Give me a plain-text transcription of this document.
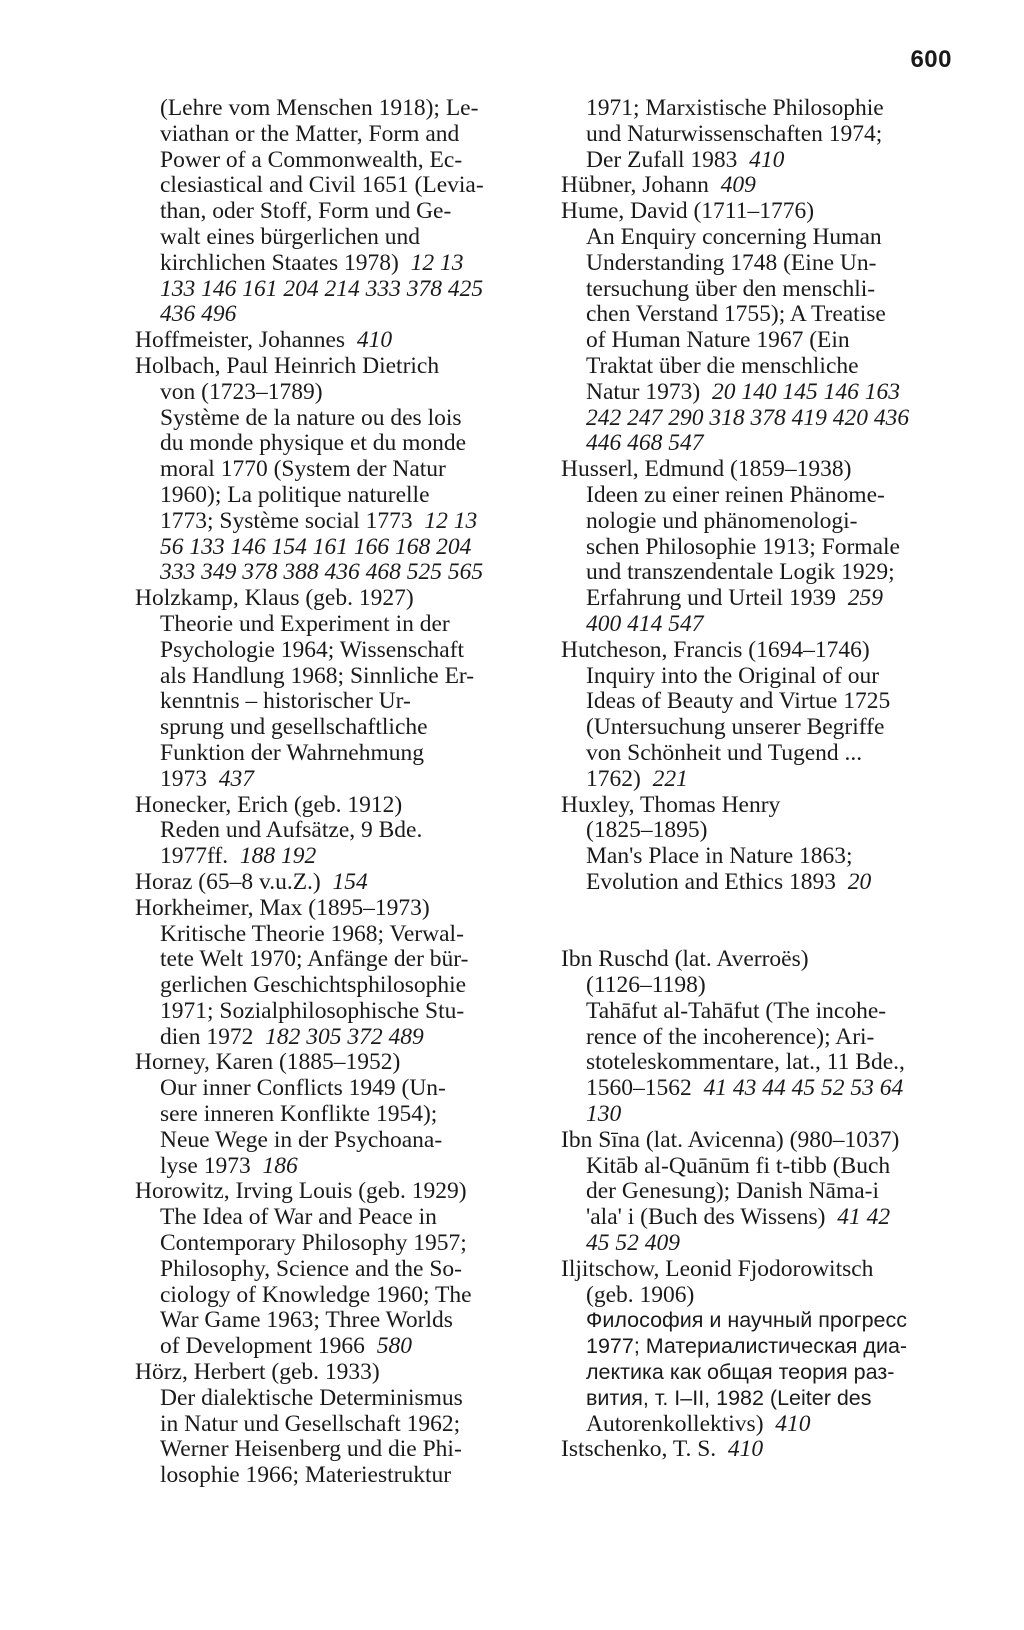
600
(Lehre vom Menschen 1918); Le-
viathan or the Matter, Form and
Power of a Commonwealth, Ec-
clesiastical and Civil 1651 (Levia-
than, oder Stoff, Form und Ge-
walt eines bürgerlichen und
kirchlichen Staates 1978)  12 13
133 146 161 204 214 333 378 425
436 496
Hoffmeister, Johannes  410
Holbach, Paul Heinrich Dietrich
von (1723–1789)
Système de la nature ou des lois
du monde physique et du monde
moral 1770 (System der Natur
1960); La politique naturelle
1773; Système social 1773  12 13
56 133 146 154 161 166 168 204
333 349 378 388 436 468 525 565
Holzkamp, Klaus (geb. 1927)
Theorie und Experiment in der
Psychologie 1964; Wissenschaft
als Handlung 1968; Sinnliche Er-
kenntnis – historischer Ur-
sprung und gesellschaftliche
Funktion der Wahrnehmung
1973  437
Honecker, Erich (geb. 1912)
Reden und Aufsätze, 9 Bde.
1977ff.  188 192
Horaz (65–8 v.u.Z.)  154
Horkheimer, Max (1895–1973)
Kritische Theorie 1968; Verwal-
tete Welt 1970; Anfänge der bür-
gerlichen Geschichtsphilosophie
1971; Sozialphilosophische Stu-
dien 1972  182 305 372 489
Horney, Karen (1885–1952)
Our inner Conflicts 1949 (Un-
sere inneren Konflikte 1954);
Neue Wege in der Psychoana-
lyse 1973  186
Horowitz, Irving Louis (geb. 1929)
The Idea of War and Peace in
Contemporary Philosophy 1957;
Philosophy, Science and the So-
ciology of Knowledge 1960; The
War Game 1963; Three Worlds
of Development 1966  580
Hörz, Herbert (geb. 1933)
Der dialektische Determinismus
in Natur und Gesellschaft 1962;
Werner Heisenberg und die Phi-
losophie 1966; Materiestruktur
1971; Marxistische Philosophie
und Naturwissenschaften 1974;
Der Zufall 1983  410
Hübner, Johann  409
Hume, David (1711–1776)
An Enquiry concerning Human
Understanding 1748 (Eine Un-
tersuchung über den menschli-
chen Verstand 1755); A Treatise
of Human Nature 1967 (Ein
Traktat über die menschliche
Natur 1973)  20 140 145 146 163
242 247 290 318 378 419 420 436
446 468 547
Husserl, Edmund (1859–1938)
Ideen zu einer reinen Phänome-
nologie und phänomenologi-
schen Philosophie 1913; Formale
und transzendentale Logik 1929;
Erfahrung und Urteil 1939  259
400 414 547
Hutcheson, Francis (1694–1746)
Inquiry into the Original of our
Ideas of Beauty and Virtue 1725
(Untersuchung unserer Begriffe
von Schönheit und Tugend ...
1762)  221
Huxley, Thomas Henry
(1825–1895)
Man's Place in Nature 1863;
Evolution and Ethics 1893  20
Ibn Ruschd (lat. Averroës)
(1126–1198)
Tahāfut al-Tahāfut (The incohe-
rence of the incoherence); Ari-
stoteleskommentare, lat., 11 Bde.,
1560–1562  41 43 44 45 52 53 64
130
Ibn Sīna (lat. Avicenna) (980–1037)
Kitāb al-Quānūm fi t-tibb (Buch
der Genesung); Danish Nāma-i
'ala' i (Buch des Wissens)  41 42
45 52 409
Iljitschow, Leonid Fjodorowitsch
(geb. 1906)
Философия и научный прогресс
1977; Материалистическая диа-
лектика как общая теория раз-
вития, т. I–II, 1982 (Leiter des
Autorenkollektivs)  410
Istschenko, T. S.  410
